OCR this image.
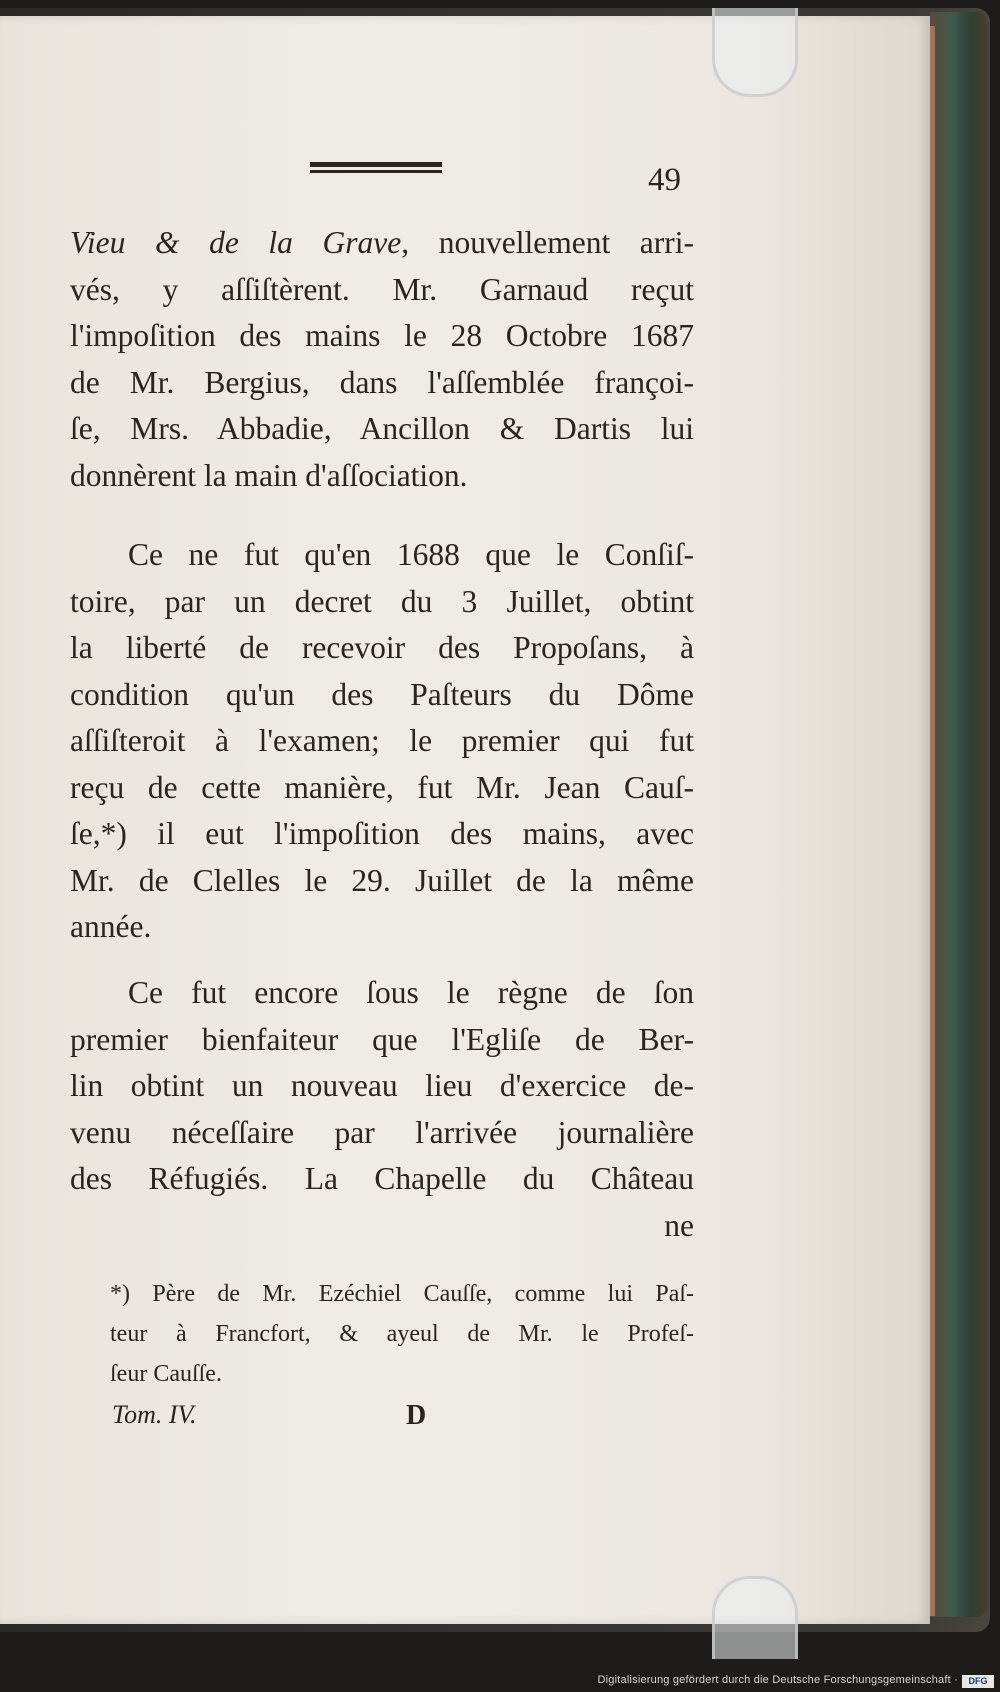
49
Vieu & de la Grave, nouvellement arri-
vés, y aſſiſtèrent. Mr. Garnaud reçut
l'impoſition des mains le 28 Octobre 1687
de Mr. Bergius, dans l'aſſemblée françoi-
ſe, Mrs. Abbadie, Ancillon & Dartis lui
donnèrent la main d'aſſociation.
Ce ne fut qu'en 1688 que le Conſiſ-
toire, par un decret du 3 Juillet, obtint
la liberté de recevoir des Propoſans, à
condition qu'un des Paſteurs du Dôme
aſſiſteroit à l'examen; le premier qui fut
reçu de cette manière, fut Mr. Jean Cauſ-
ſe,*) il eut l'impoſition des mains, avec
Mr. de Clelles le 29. Juillet de la même
année.
Ce fut encore ſous le règne de ſon
premier bienfaiteur que l'Egliſe de Ber-
lin obtint un nouveau lieu d'exercice de-
venu néceſſaire par l'arrivée journalière
des Réfugiés. La Chapelle du Château
ne
*) Père de Mr. Ezéchiel Cauſſe, comme lui Paſ-
teur à Francfort, & ayeul de Mr. le Profeſ-
ſeur Cauſſe.
Tom. IV.	D
Digitalisierung gefördert durch die Deutsche Forschungsgemeinschaft ·	DFG
